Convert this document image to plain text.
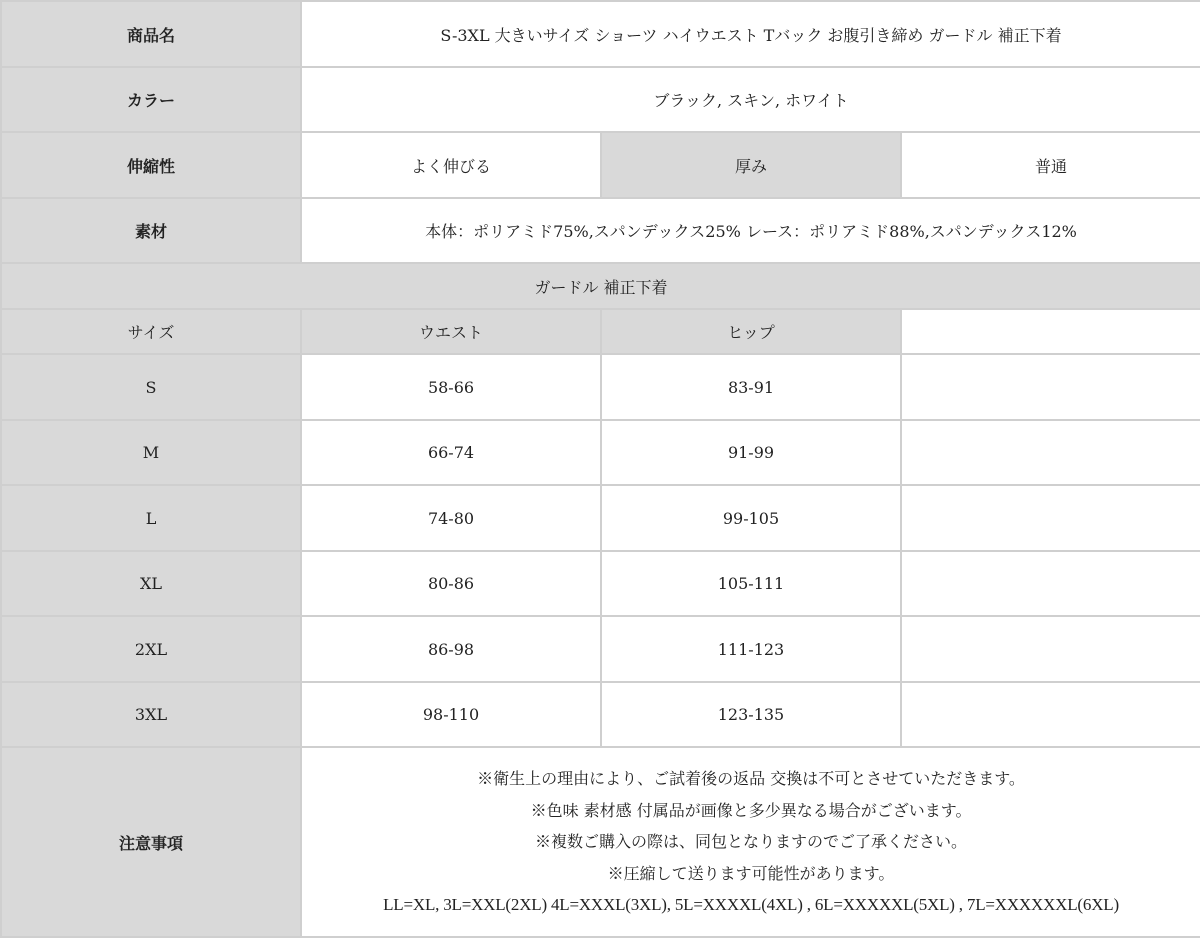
商品名	S-3XL 大きいサイズ ショーツ ハイウエスト Tバック お腹引き締め ガードル 補正下着		
カラー	ブラック, スキン, ホワイト		
伸縮性	よく伸びる	厚み	普通
素材	本体：ポリアミド75%,スパンデックス25% レース：ポリアミド88%,スパンデックス12%		
ガードル 補正下着			
サイズ	ウエスト	ヒップ	
S	58-66	83-91	
M	66-74	91-99	
L	74-80	99-105	
XL	80-86	105-111	
2XL	86-98	111-123	
3XL	98-110	123-135	
注意事項	※衛生上の理由により、ご試着後の返品 交換は不可とさせていただきます。
※色味 素材感 付属品が画像と多少異なる場合がございます。
※複数ご購入の際は、同包となりますのでご了承ください。
※圧縮して送ります可能性があります。
LL=XL, 3L=XXL(2XL) 4L=XXXL(3XL), 5L=XXXXL(4XL) , 6L=XXXXXL(5XL) , 7L=XXXXXXL(6XL)		
